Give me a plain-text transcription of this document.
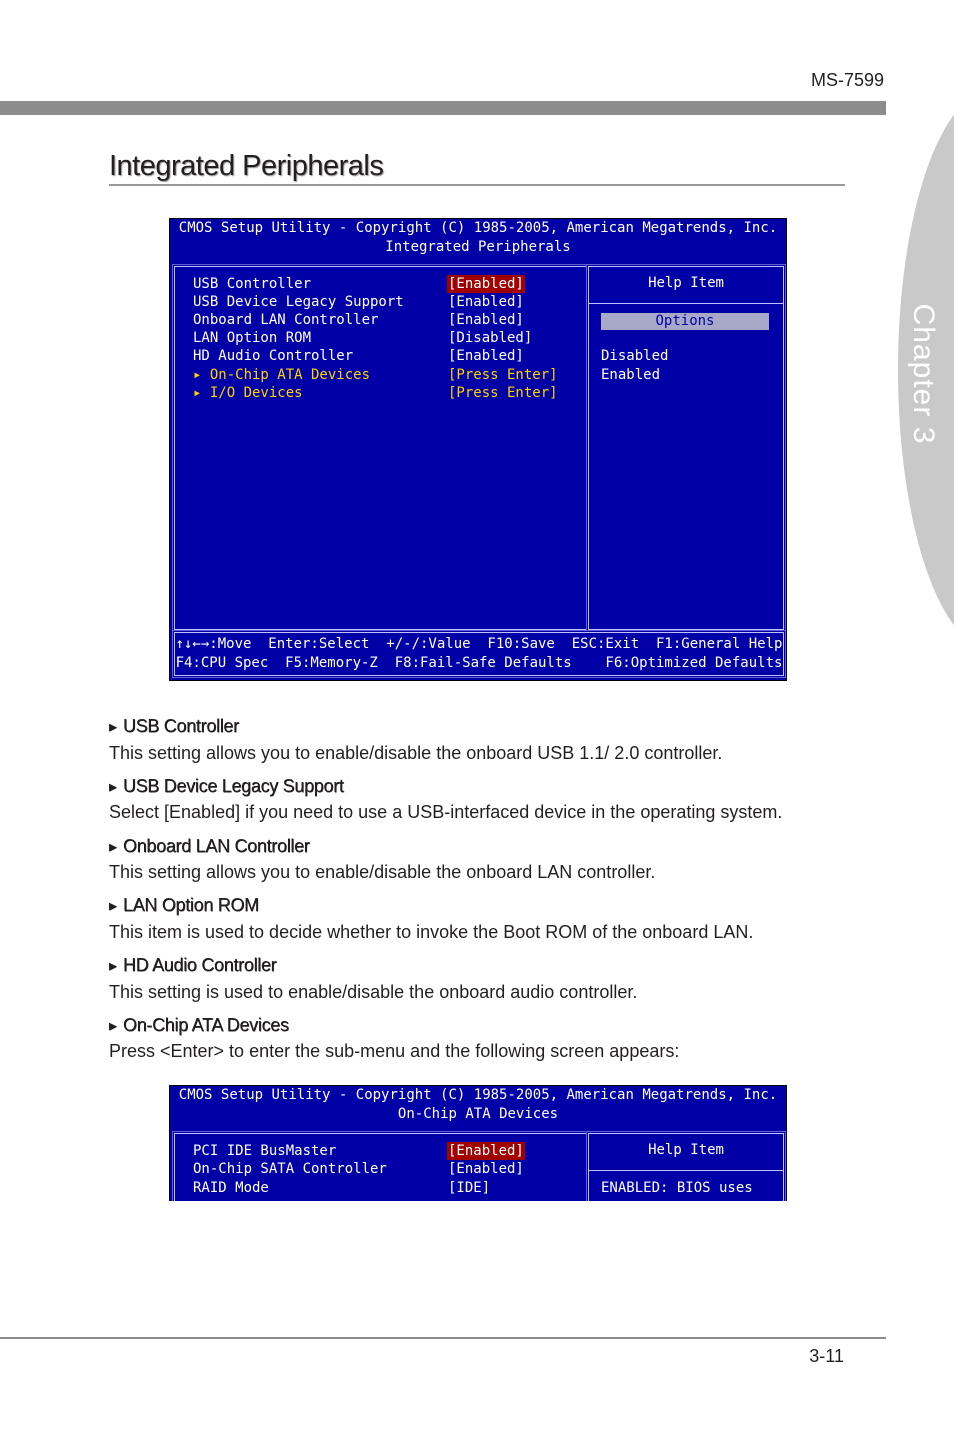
MS-7599
Chapter 3
Integrated Peripherals
CMOS Setup Utility - Copyright (C) 1985-2005, American Megatrends, Inc.
Integrated Peripherals
USB Controller	[Enabled]
USB Device Legacy Support	[Enabled]
Onboard LAN Controller	[Enabled]
LAN Option ROM	[Disabled]
HD Audio Controller	[Enabled]
▸ On-Chip ATA Devices	[Press Enter]
▸ I/O Devices	[Press Enter]
Help Item
Options
Disabled
Enabled
↑↓←→:Move  Enter:Select  +/-/:Value  F10:Save  ESC:Exit  F1:General Help
F4:CPU Spec  F5:Memory-Z  F8:Fail-Safe Defaults    F6:Optimized Defaults
▶ USB Controller
This setting allows you to enable/disable the onboard USB 1.1/ 2.0 controller.
▶ USB Device Legacy Support
Select [Enabled] if you need to use a USB-interfaced device in the operating system.
▶ Onboard LAN Controller
This setting allows you to enable/disable the onboard LAN controller.
▶ LAN Option ROM
This item is used to decide whether to invoke the Boot ROM of the onboard LAN.
▶ HD Audio Controller
This setting is used to enable/disable the onboard audio controller.
▶ On-Chip ATA Devices
Press <Enter> to enter the sub-menu and the following screen appears:
CMOS Setup Utility - Copyright (C) 1985-2005, American Megatrends, Inc.
On-Chip ATA Devices
PCI IDE BusMaster	[Enabled]
On-Chip SATA Controller	[Enabled]
RAID Mode	[IDE]
Help Item
ENABLED: BIOS uses
3-11
